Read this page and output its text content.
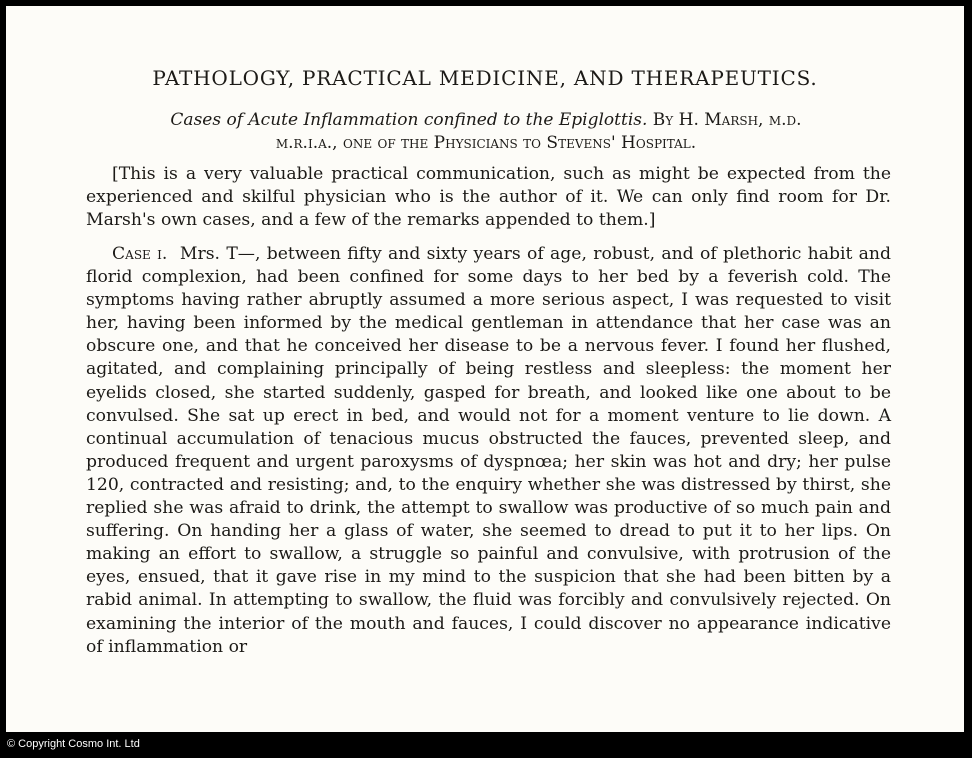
PATHOLOGY, PRACTICAL MEDICINE, AND THERAPEUTICS.
Cases of Acute Inflammation confined to the Epiglottis. By H. Marsh, m.d.
m.r.i.a., one of the Physicians to Stevens' Hospital.

[This is a very valuable practical communication, such as might be expected from the experienced and skilful physician who is the author of it. We can only find room for Dr. Marsh's own cases, and a few of the remarks appended to them.]

Case i. Mrs. T—, between fifty and sixty years of age, robust, and of plethoric habit and florid complexion, had been confined for some days to her bed by a feverish cold. The symptoms having rather abruptly assumed a more serious aspect, I was requested to visit her, having been informed by the medical gentleman in attendance that her case was an obscure one, and that he conceived her disease to be a nervous fever. I found her flushed, agitated, and complaining principally of being restless and sleepless: the moment her eyelids closed, she started suddenly, gasped for breath, and looked like one about to be convulsed. She sat up erect in bed, and would not for a moment venture to lie down. A continual accumulation of tenacious mucus obstructed the fauces, prevented sleep, and produced frequent and urgent paroxysms of dyspnœa; her skin was hot and dry; her pulse 120, contracted and resisting; and, to the enquiry whether she was distressed by thirst, she replied she was afraid to drink, the attempt to swallow was productive of so much pain and suffering. On handing her a glass of water, she seemed to dread to put it to her lips. On making an effort to swallow, a struggle so painful and convulsive, with protrusion of the eyes, ensued, that it gave rise in my mind to the suspicion that she had been bitten by a rabid animal. In attempting to swallow, the fluid was forcibly and convulsively rejected. On examining the interior of the mouth and fauces, I could discover no appearance indicative of inflammation or

© Copyright Cosmo Int. Ltd
